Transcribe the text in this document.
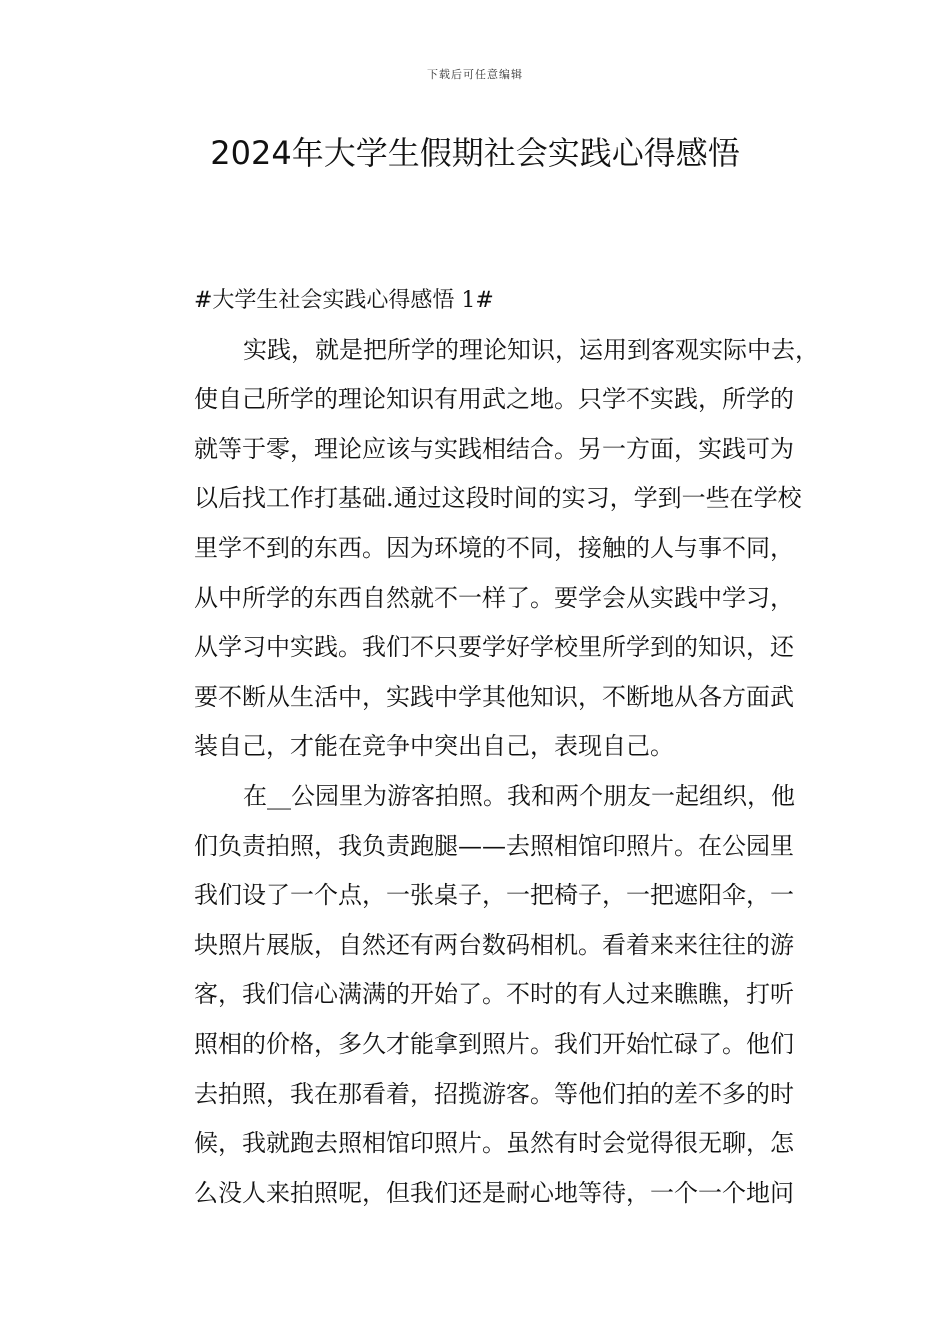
下载后可任意编辑
2024年大学生假期社会实践心得感悟
#大学生社会实践心得感悟 1#
实践，就是把所学的理论知识，运用到客观实际中去，
使自己所学的理论知识有用武之地。只学不实践，所学的
就等于零，理论应该与实践相结合。另一方面，实践可为
以后找工作打基础.通过这段时间的实习，学到一些在学校
里学不到的东西。因为环境的不同，接触的人与事不同，
从中所学的东西自然就不一样了。要学会从实践中学习，
从学习中实践。我们不只要学好学校里所学到的知识，还
要不断从生活中，实践中学其他知识，不断地从各方面武
装自己，才能在竞争中突出自己，表现自己。
在__公园里为游客拍照。我和两个朋友一起组织，他
们负责拍照，我负责跑腿——去照相馆印照片。在公园里
我们设了一个点，一张桌子，一把椅子，一把遮阳伞，一
块照片展版，自然还有两台数码相机。看着来来往往的游
客，我们信心满满的开始了。不时的有人过来瞧瞧，打听
照相的价格，多久才能拿到照片。我们开始忙碌了。他们
去拍照，我在那看着，招揽游客。等他们拍的差不多的时
候，我就跑去照相馆印照片。虽然有时会觉得很无聊，怎
么没人来拍照呢，但我们还是耐心地等待，一个一个地问
